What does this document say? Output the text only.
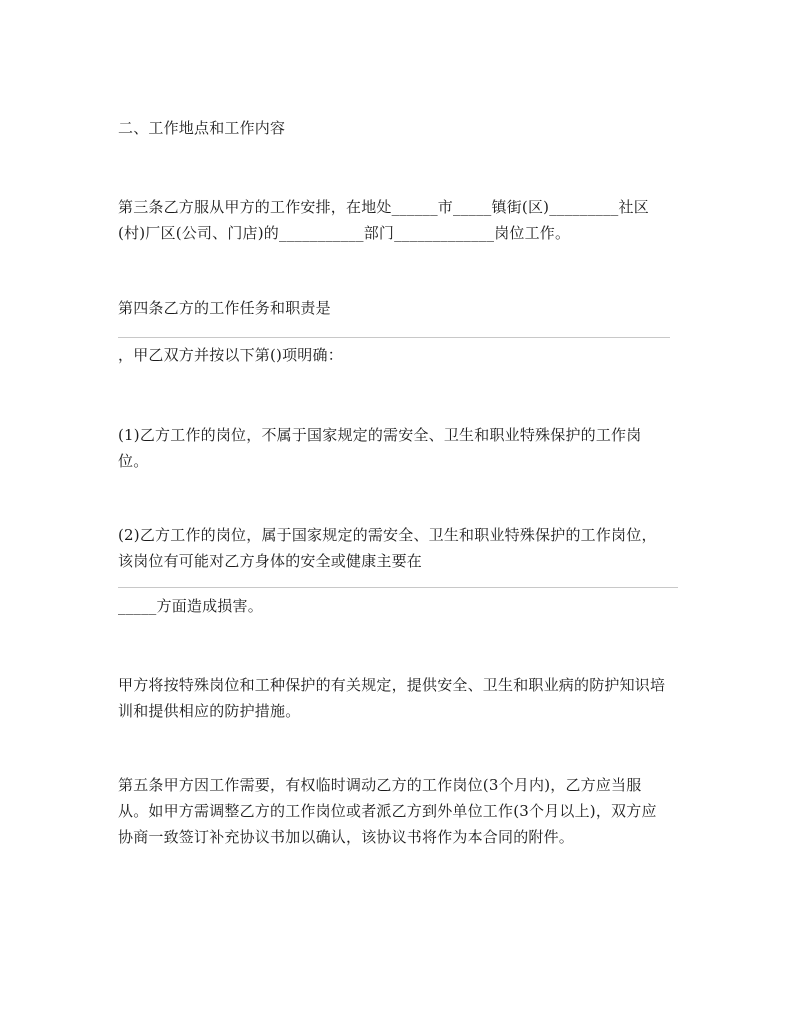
二、工作地点和工作内容
第三条乙方服从甲方的工作安排，在地处______市_____镇街(区)_________社区
(村)厂区(公司、门店)的___________部门_____________岗位工作。
第四条乙方的工作任务和职责是
，甲乙双方并按以下第()项明确：
(1)乙方工作的岗位，不属于国家规定的需安全、卫生和职业特殊保护的工作岗
位。
(2)乙方工作的岗位，属于国家规定的需安全、卫生和职业特殊保护的工作岗位，
该岗位有可能对乙方身体的安全或健康主要在
_____方面造成损害。
甲方将按特殊岗位和工种保护的有关规定，提供安全、卫生和职业病的防护知识培
训和提供相应的防护措施。
第五条甲方因工作需要，有权临时调动乙方的工作岗位(3个月内)，乙方应当服
从。如甲方需调整乙方的工作岗位或者派乙方到外单位工作(3个月以上)，双方应
协商一致签订补充协议书加以确认，该协议书将作为本合同的附件。
